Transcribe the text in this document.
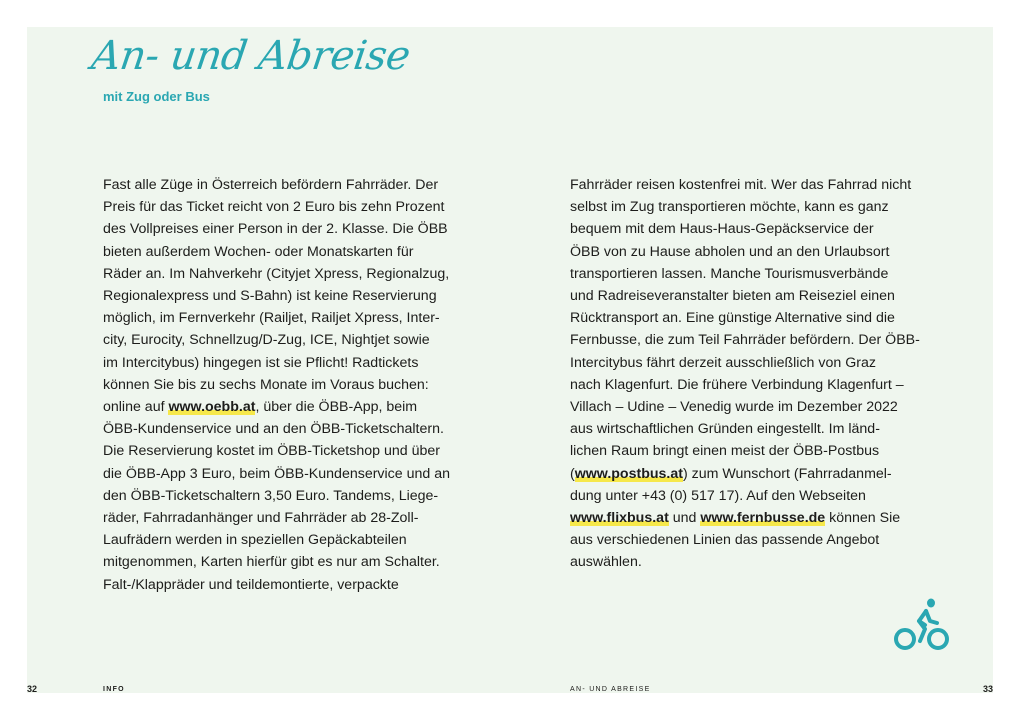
An- und Abreise
mit Zug oder Bus
Fast alle Züge in Österreich befördern Fahrräder. Der
Preis für das Ticket reicht von 2 Euro bis zehn Prozent
des Vollpreises einer Person in der 2. Klasse. Die ÖBB
bieten außerdem Wochen- oder Monatskarten für
Räder an. Im Nahverkehr (Cityjet Xpress, Regionalzug,
Regionalexpress und S-Bahn) ist keine Reservierung
möglich, im Fernverkehr (Railjet, Railjet Xpress, Inter-
city, Eurocity, Schnellzug/D-Zug, ICE, Nightjet sowie
im Intercitybus) hingegen ist sie Pflicht! Radtickets
können Sie bis zu sechs Monate im Voraus buchen:
online auf www.oebb.at, über die ÖBB-App, beim
ÖBB-Kundenservice und an den ÖBB-Ticketschaltern.
Die Reservierung kostet im ÖBB-Ticketshop und über
die ÖBB-App 3 Euro, beim ÖBB-Kundenservice und an
den ÖBB-Ticketschaltern 3,50 Euro. Tandems, Liege-
räder, Fahrradanhänger und Fahrräder ab 28-Zoll-
Laufrädern werden in speziellen Gepäckabteilen
mitgenommen, Karten hierfür gibt es nur am Schalter.
Falt-/Klappräder und teildemontierte, verpackte
Fahrräder reisen kostenfrei mit. Wer das Fahrrad nicht
selbst im Zug transportieren möchte, kann es ganz
bequem mit dem Haus-Haus-Gepäckservice der
ÖBB von zu Hause abholen und an den Urlaubsort
transportieren lassen. Manche Tourismusverbände
und Radreiseveranstalter bieten am Reiseziel einen
Rücktransport an. Eine günstige Alternative sind die
Fernbusse, die zum Teil Fahrräder befördern. Der ÖBB-
Intercitybus fährt derzeit ausschließlich von Graz
nach Klagenfurt. Die frühere Verbindung Klagenfurt –
Villach – Udine – Venedig wurde im Dezember 2022
aus wirtschaftlichen Gründen eingestellt. Im länd-
lichen Raum bringt einen meist der ÖBB-Postbus
(www.postbus.at) zum Wunschort (Fahrradanmel-
dung unter +43 (0) 517 17). Auf den Webseiten
www.flixbus.at und www.fernbusse.de können Sie
aus verschiedenen Linien das passende Angebot
auswählen.
32	INFO	AN- UND ABREISE	33
